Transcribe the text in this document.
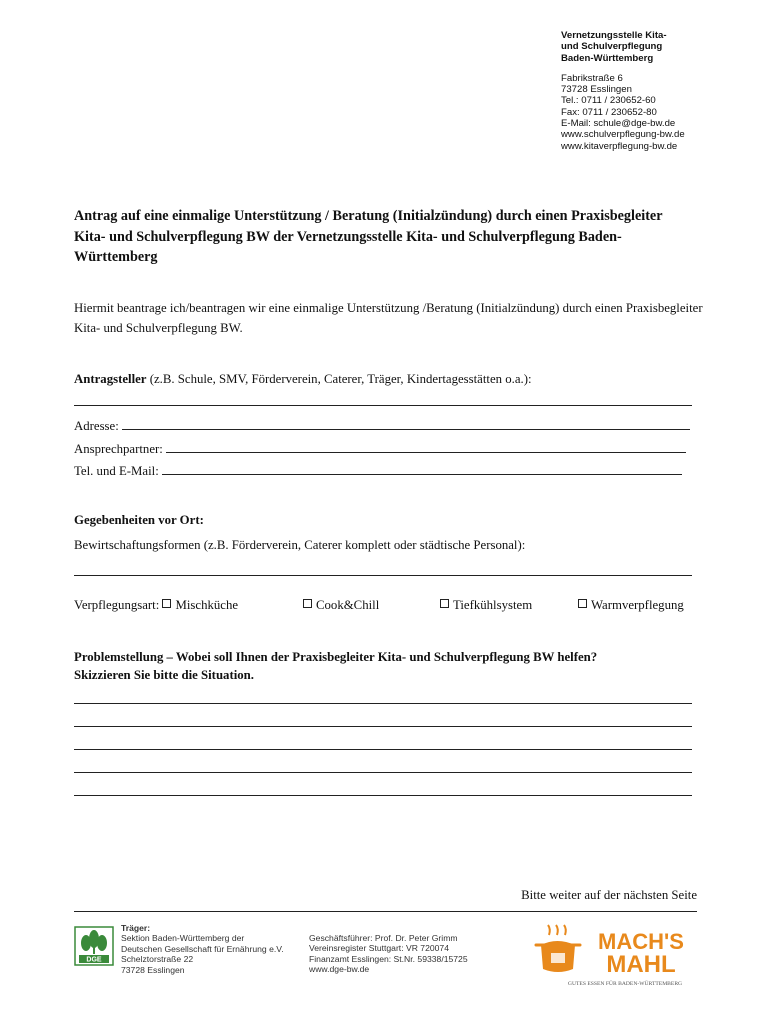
Vernetzungsstelle Kita-
und Schulverpflegung
Baden-Württemberg
Fabrikstraße 6
73728 Esslingen
Tel.: 0711 / 230652-60
Fax: 0711 / 230652-80
E-Mail: schule@dge-bw.de
www.schulverpflegung-bw.de
www.kitaverpflegung-bw.de
Antrag auf eine einmalige Unterstützung / Beratung (Initialzündung) durch einen Praxisbegleiter Kita- und Schulverpflegung BW der Vernetzungsstelle Kita- und Schulverpflegung Baden-Württemberg
Hiermit beantrage ich/beantragen wir eine einmalige Unterstützung /Beratung (Initialzündung) durch einen Praxisbegleiter Kita- und Schulverpflegung BW.
Antragsteller (z.B. Schule, SMV, Förderverein, Caterer, Träger, Kindertagesstätten o.a.):
Adresse:
Ansprechpartner:
Tel. und E-Mail:
Gegebenheiten vor Ort:
Bewirtschaftungsformen (z.B. Förderverein, Caterer komplett oder städtische Personal):
Verpflegungsart: Mischküche	Cook&Chill	Tiefkühlsystem	Warmverpflegung
Problemstellung – Wobei soll Ihnen der Praxisbegleiter Kita- und Schulverpflegung BW helfen?
Skizzieren Sie bitte die Situation.
Bitte weiter auf der nächsten Seite
DGE
Träger:
Sektion Baden-Württemberg der
Deutschen Gesellschaft für Ernährung e.V.
Schelztorstraße 22
73728 Esslingen
Geschäftsführer: Prof. Dr. Peter Grimm
Vereinsregister Stuttgart: VR 720074
Finanzamt Esslingen: St.Nr. 59338/15725
www.dge-bw.de
MACH'S
MAHL
GUTES ESSEN FÜR BADEN-WÜRTTEMBERG
